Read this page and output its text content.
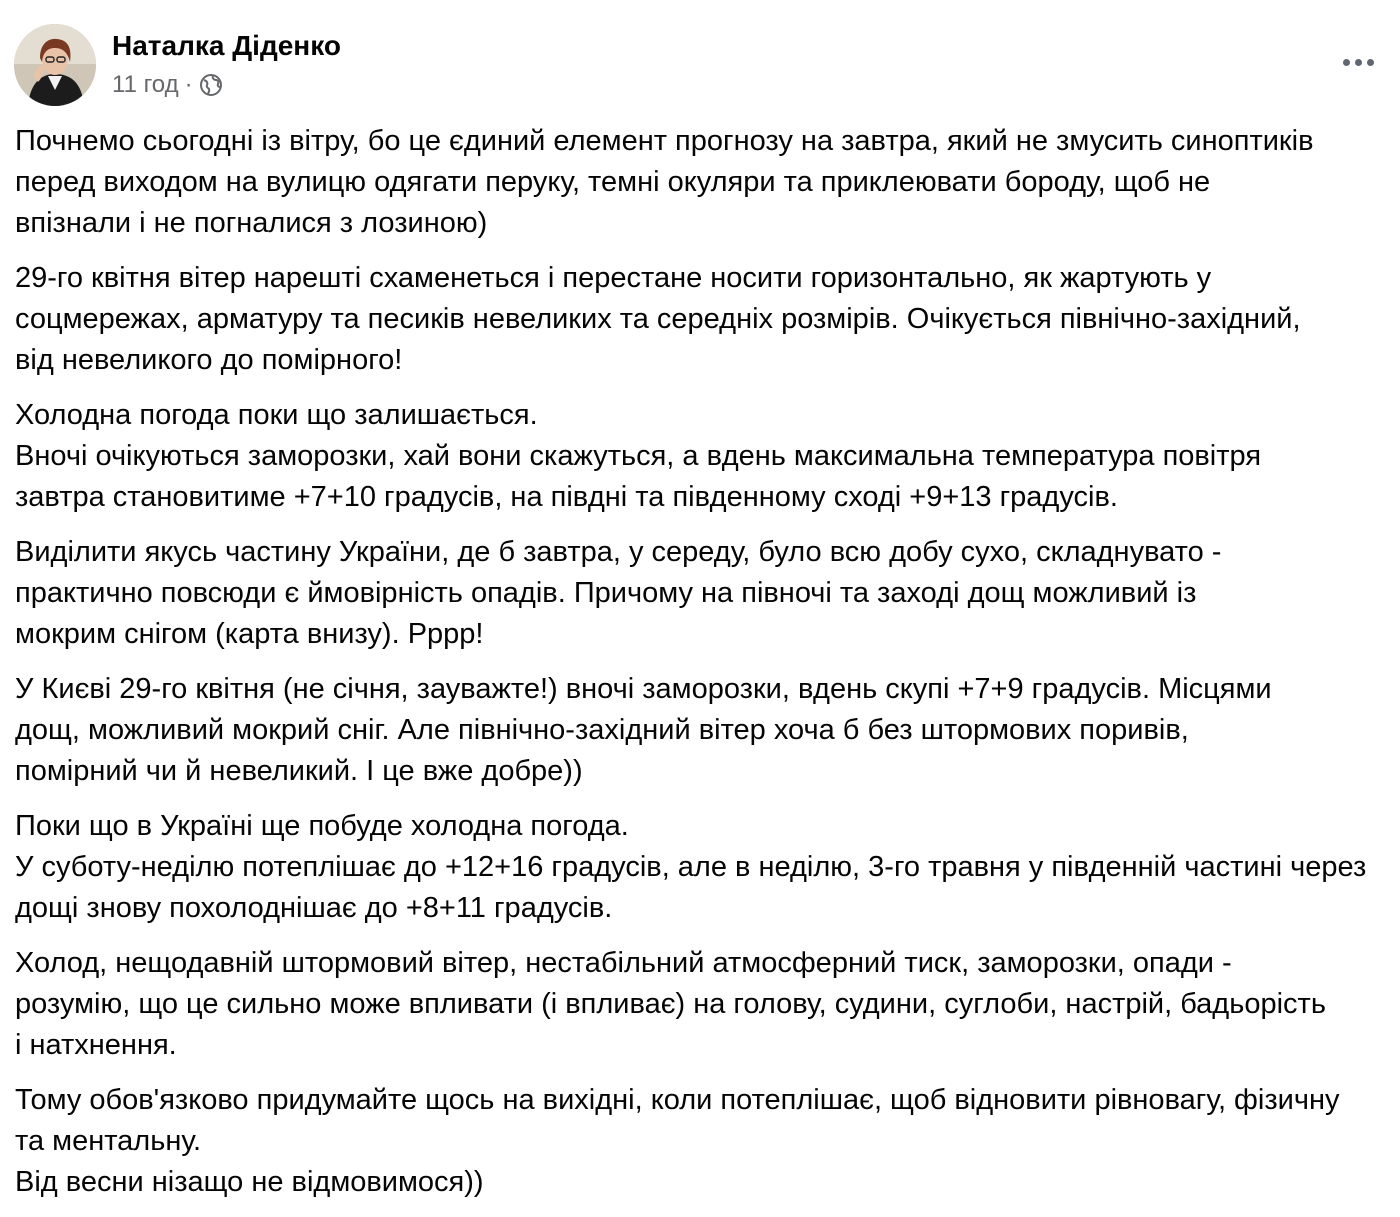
Наталка Діденко
11 год ·

Почнемо сьогодні із вітру, бо це єдиний елемент прогнозу на завтра, який не змусить синоптиків
перед виходом на вулицю одягати перуку, темні окуляри та приклеювати бороду, щоб не
впізнали і не погналися з лозиною)

29-го квітня вітер нарешті схаменеться і перестане носити горизонтально, як жартують у
соцмережах, арматуру та песиків невеликих та середніх розмірів. Очікується північно-західний,
від невеликого до помірного!

Холодна погода поки що залишається.
Вночі очікуються заморозки, хай вони скажуться, а вдень максимальна температура повітря
завтра становитиме +7+10 градусів, на півдні та південному сході +9+13 градусів.

Виділити якусь частину України, де б завтра, у середу, було всю добу сухо, складнувато -
практично повсюди є ймовірність опадів. Причому на півночі та заході дощ можливий із
мокрим снігом (карта внизу). Рррр!

У Києві 29-го квітня (не січня, зауважте!) вночі заморозки, вдень скупі +7+9 градусів. Місцями
дощ, можливий мокрий сніг. Але північно-західний вітер хоча б без штормових поривів,
помірний чи й невеликий. І це вже добре))

Поки що в Україні ще побуде холодна погода.
У суботу-неділю потеплішає до +12+16 градусів, але в неділю, 3-го травня у південній частині через
дощі знову похолоднішає до +8+11 градусів.

Холод, нещодавній штормовий вітер, нестабільний атмосферний тиск, заморозки, опади -
розумію, що це сильно може впливати (і впливає) на голову, судини, суглоби, настрій, бадьорість
і натхнення.

Тому обов'язково придумайте щось на вихідні, коли потеплішає, щоб відновити рівновагу, фізичну
та ментальну.
Від весни нізащо не відмовимося))
